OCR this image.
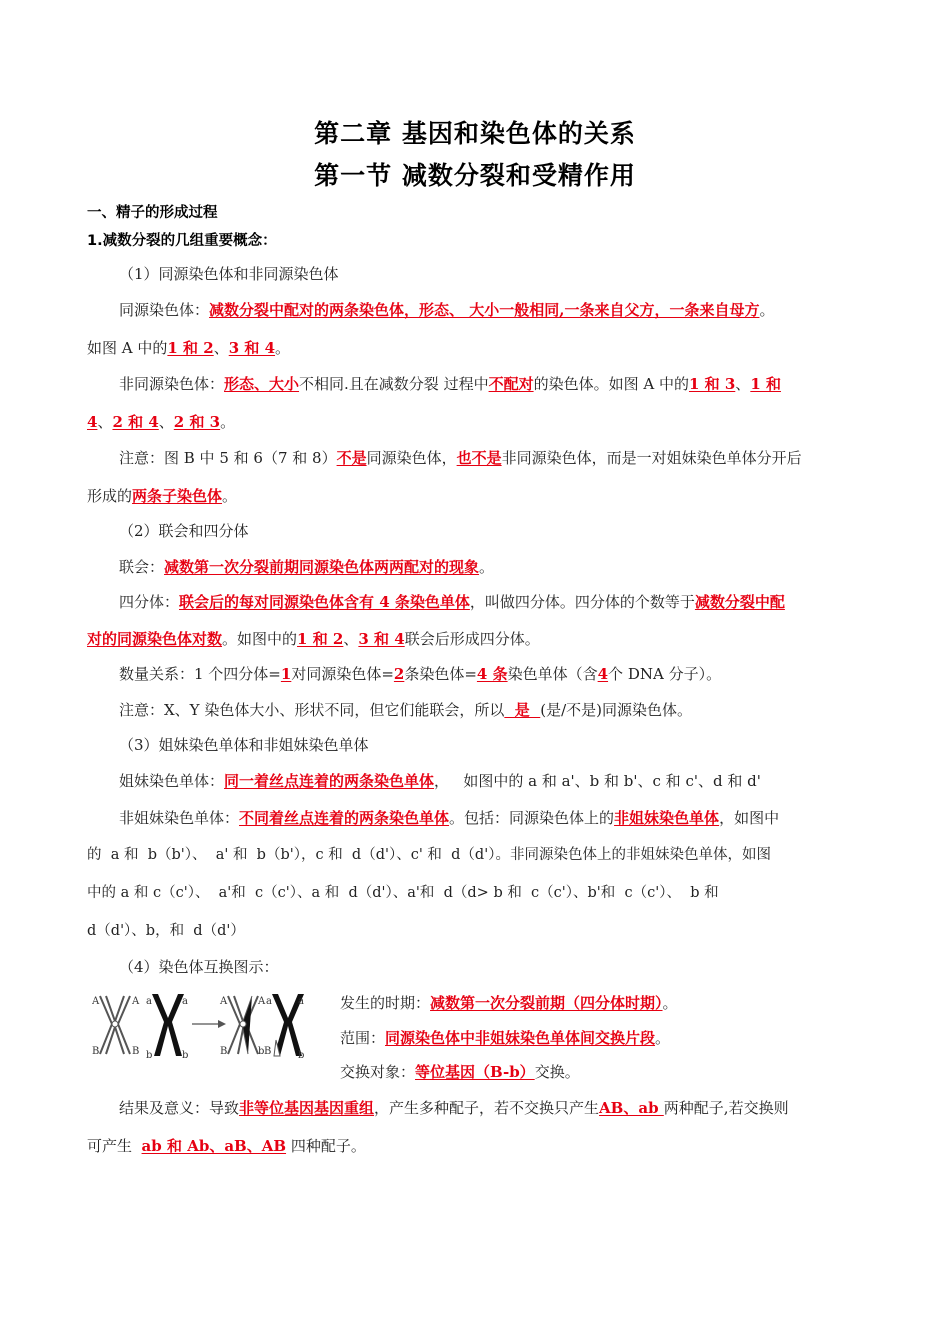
第二章 基因和染色体的关系
第一节 减数分裂和受精作用
一、精子的形成过程
1.减数分裂的几组重要概念：
（1）同源染色体和非同源染色体
同源染色体：减数分裂中配对的两条染色体，形态、 大小一般相同,一条来自父方，一条来自母方。
如图 A 中的1 和 2、3 和 4。
非同源染色体：形态、大小不相同.且在减数分裂 过程中不配对的染色体。如图 A 中的1 和 3、1 和
4、2 和 4、2 和 3。
注意：图 B 中 5 和 6（7 和 8）不是同源染色体，也不是非同源染色体，而是一对姐妹染色单体分开后
形成的两条子染色体。
（2）联会和四分体
联会：减数第一次分裂前期同源染色体两两配对的现象。
四分体：联会后的每对同源染色体含有 4 条染色单体，叫做四分体。四分体的个数等于减数分裂中配
对的同源染色体对数。如图中的1 和 2、3 和 4联会后形成四分体。
数量关系：1 个四分体=1对同源染色体=2条染色体=4 条染色单体（含4个 DNA 分子）。
注意：X、Y 染色体大小、形状不同，但它们能联会，所以  是  (是/不是)同源染色体。
（3）姐妹染色单体和非姐妹染色单体
姐妹染色单体：同一着丝点连着的两条染色单体，   如图中的 a 和 a'、b 和 b'、c 和 c'、d 和 d'
非姐妹染色单体：不同着丝点连着的两条染色单体。包括：同源染色体上的非姐妹染色单体，如图中
的  a 和  b（b'）、  a' 和  b（b'），c 和  d（d'）、c' 和  d（d'）。非同源染色体上的非姐妹染色单体，如图
中的 a 和 c（c'）、  a'和  c（c'）、a 和  d（d'）、a'和  d（d> b 和  c（c'）、b'和  c（c'）、  b 和
d（d'）、b，和  d（d'）
（4）染色体互换图示：
A	A
B	B
a	a
b	b
A	A
B	b
a	a
B	b
发生的时期：减数第一次分裂前期（四分体时期）。
范围：同源染色体中非姐妹染色单体间交换片段。
交换对象：等位基因（B-b）交换。
结果及意义：导致非等位基因基因重组，产生多种配子，若不交换只产生AB、ab 两种配子,若交换则
可产生  ab 和 Ab、aB、AB 四种配子。
